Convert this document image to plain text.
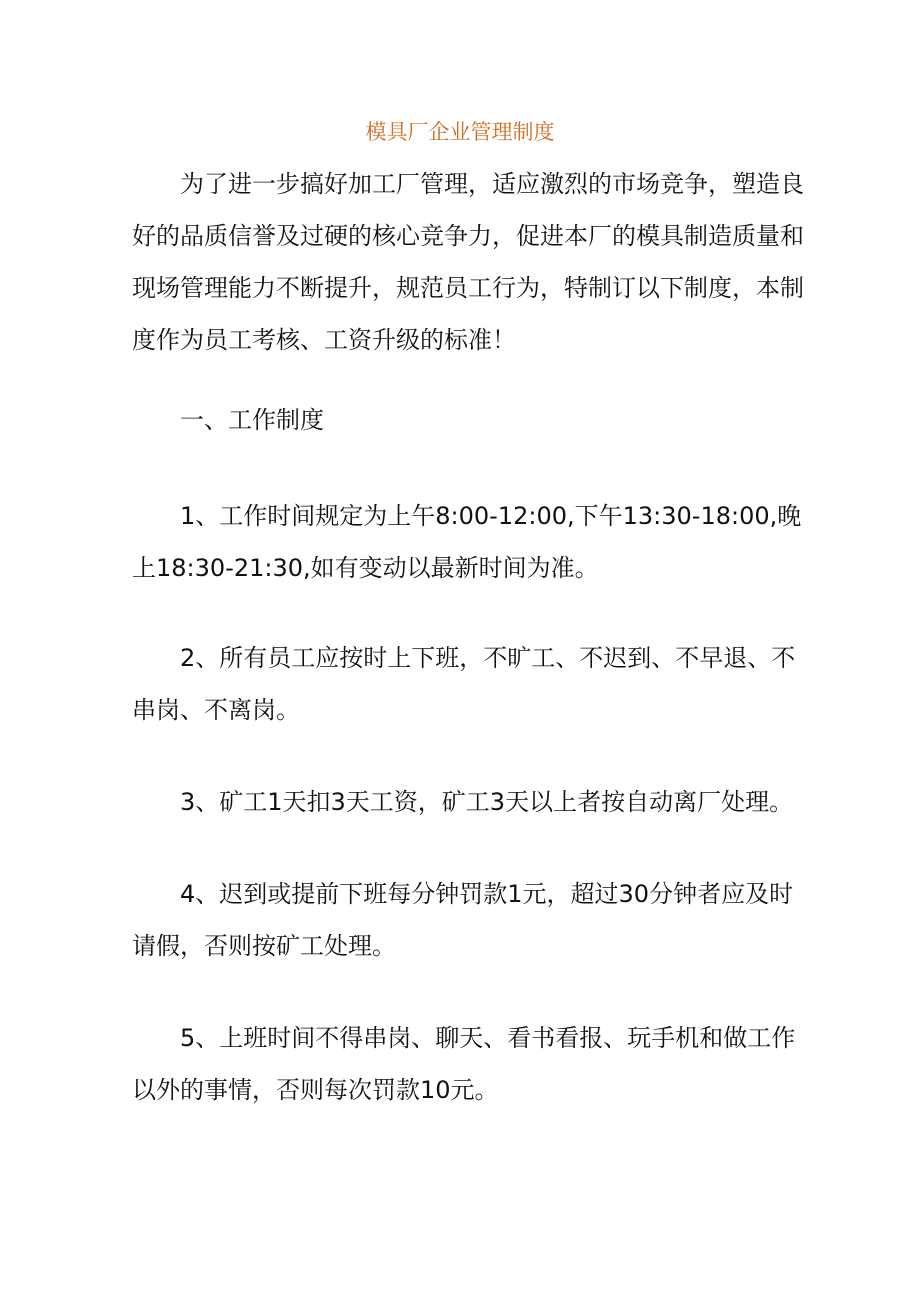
模具厂企业管理制度

为了进一步搞好加工厂管理，适应激烈的市场竞争，塑造良好的品质信誉及过硬的核心竞争力，促进本厂的模具制造质量和现场管理能力不断提升，规范员工行为，特制订以下制度，本制度作为员工考核、工资升级的标准！

一、工作制度

1、工作时间规定为上午8:00-12:00,下午13:30-18:00,晚上18:30-21:30,如有变动以最新时间为准。

2、所有员工应按时上下班，不旷工、不迟到、不早退、不串岗、不离岗。

3、矿工1天扣3天工资，矿工3天以上者按自动离厂处理。

4、迟到或提前下班每分钟罚款1元，超过30分钟者应及时请假，否则按矿工处理。

5、上班时间不得串岗、聊天、看书看报、玩手机和做工作以外的事情，否则每次罚款10元。
